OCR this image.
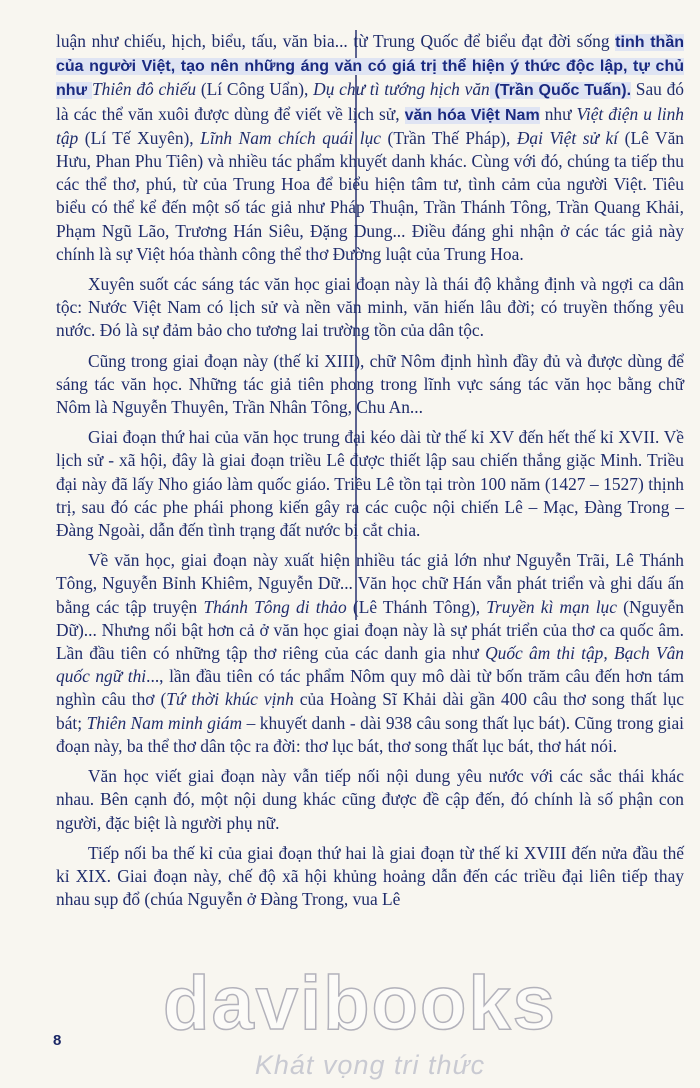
luận như chiếu, hịch, biểu, tấu, văn bia... từ Trung Quốc để biểu đạt đời sống tinh thần của người Việt, tạo nên những áng văn có giá trị thể hiện ý thức độc lập, tự chủ như Thiên đô chiếu (Lí Công Uẩn), Dụ chư tì tướng hịch văn (Trần Quốc Tuấn). Sau đó là các thể văn xuôi được dùng để viết về lịch sử, văn hóa Việt Nam như Việt điện u linh tập (Lí Tế Xuyên), Lĩnh Nam chích quái lục (Trần Thế Pháp), Đại Việt sử kí (Lê Văn Hưu, Phan Phu Tiên) và nhiều tác phẩm khuyết danh khác. Cùng với đó, chúng ta tiếp thu các thể thơ, phú, từ của Trung Hoa để biểu hiện tâm tư, tình cảm của người Việt. Tiêu biểu có thể kể đến một số tác giả như Pháp Thuận, Trần Thánh Tông, Trần Quang Khải, Phạm Ngũ Lão, Trương Hán Siêu, Đặng Dung... Điều đáng ghi nhận ở các tác giả này chính là sự Việt hóa thành công thể thơ Đường luật của Trung Hoa.

Xuyên suốt các sáng tác văn học giai đoạn này là thái độ khẳng định và ngợi ca dân tộc: Nước Việt Nam có lịch sử và nền văn minh, văn hiến lâu đời; có truyền thống yêu nước. Đó là sự đảm bảo cho tương lai trường tồn của dân tộc.

Cũng trong giai đoạn này (thế kỉ XIII), chữ Nôm định hình đầy đủ và được dùng để sáng tác văn học. Những tác giả tiên phong trong lĩnh vực sáng tác văn học bằng chữ Nôm là Nguyễn Thuyên, Trần Nhân Tông, Chu An...

Giai đoạn thứ hai của văn học trung đại kéo dài từ thế kỉ XV đến hết thế kỉ XVII. Về lịch sử - xã hội, đây là giai đoạn triều Lê được thiết lập sau chiến thắng giặc Minh. Triều đại này đã lấy Nho giáo làm quốc giáo. Triều Lê tồn tại tròn 100 năm (1427 – 1527) thịnh trị, sau đó các phe phái phong kiến gây ra các cuộc nội chiến Lê – Mạc, Đàng Trong – Đàng Ngoài, dẫn đến tình trạng đất nước bị cắt chia.

Về văn học, giai đoạn này xuất hiện nhiều tác giả lớn như Nguyễn Trãi, Lê Thánh Tông, Nguyễn Bỉnh Khiêm, Nguyễn Dữ... Văn học chữ Hán vẫn phát triển và ghi dấu ấn bằng các tập truyện Thánh Tông di thảo (Lê Thánh Tông), Truyền kì mạn lục (Nguyễn Dữ)... Nhưng nổi bật hơn cả ở văn học giai đoạn này là sự phát triển của thơ ca quốc âm. Lần đầu tiên có những tập thơ riêng của các danh gia như Quốc âm thi tập, Bạch Vân quốc ngữ thi..., lần đầu tiên có tác phẩm Nôm quy mô dài từ bốn trăm câu đến hơn tám nghìn câu thơ (Tứ thời khúc vịnh của Hoàng Sĩ Khải dài gần 400 câu thơ song thất lục bát; Thiên Nam minh giám – khuyết danh - dài 938 câu song thất lục bát). Cũng trong giai đoạn này, ba thể thơ dân tộc ra đời: thơ lục bát, thơ song thất lục bát, thơ hát nói.

Văn học viết giai đoạn này vẫn tiếp nối nội dung yêu nước với các sắc thái khác nhau. Bên cạnh đó, một nội dung khác cũng được đề cập đến, đó chính là số phận con người, đặc biệt là người phụ nữ.

Tiếp nối ba thế kỉ của giai đoạn thứ hai là giai đoạn từ thế kỉ XVIII đến nửa đầu thế kỉ XIX. Giai đoạn này, chế độ xã hội khủng hoảng dẫn đến các triều đại liên tiếp thay nhau sụp đổ (chúa Nguyễn ở Đàng Trong, vua Lê

8 davibooks
Khát vọng tri thức
